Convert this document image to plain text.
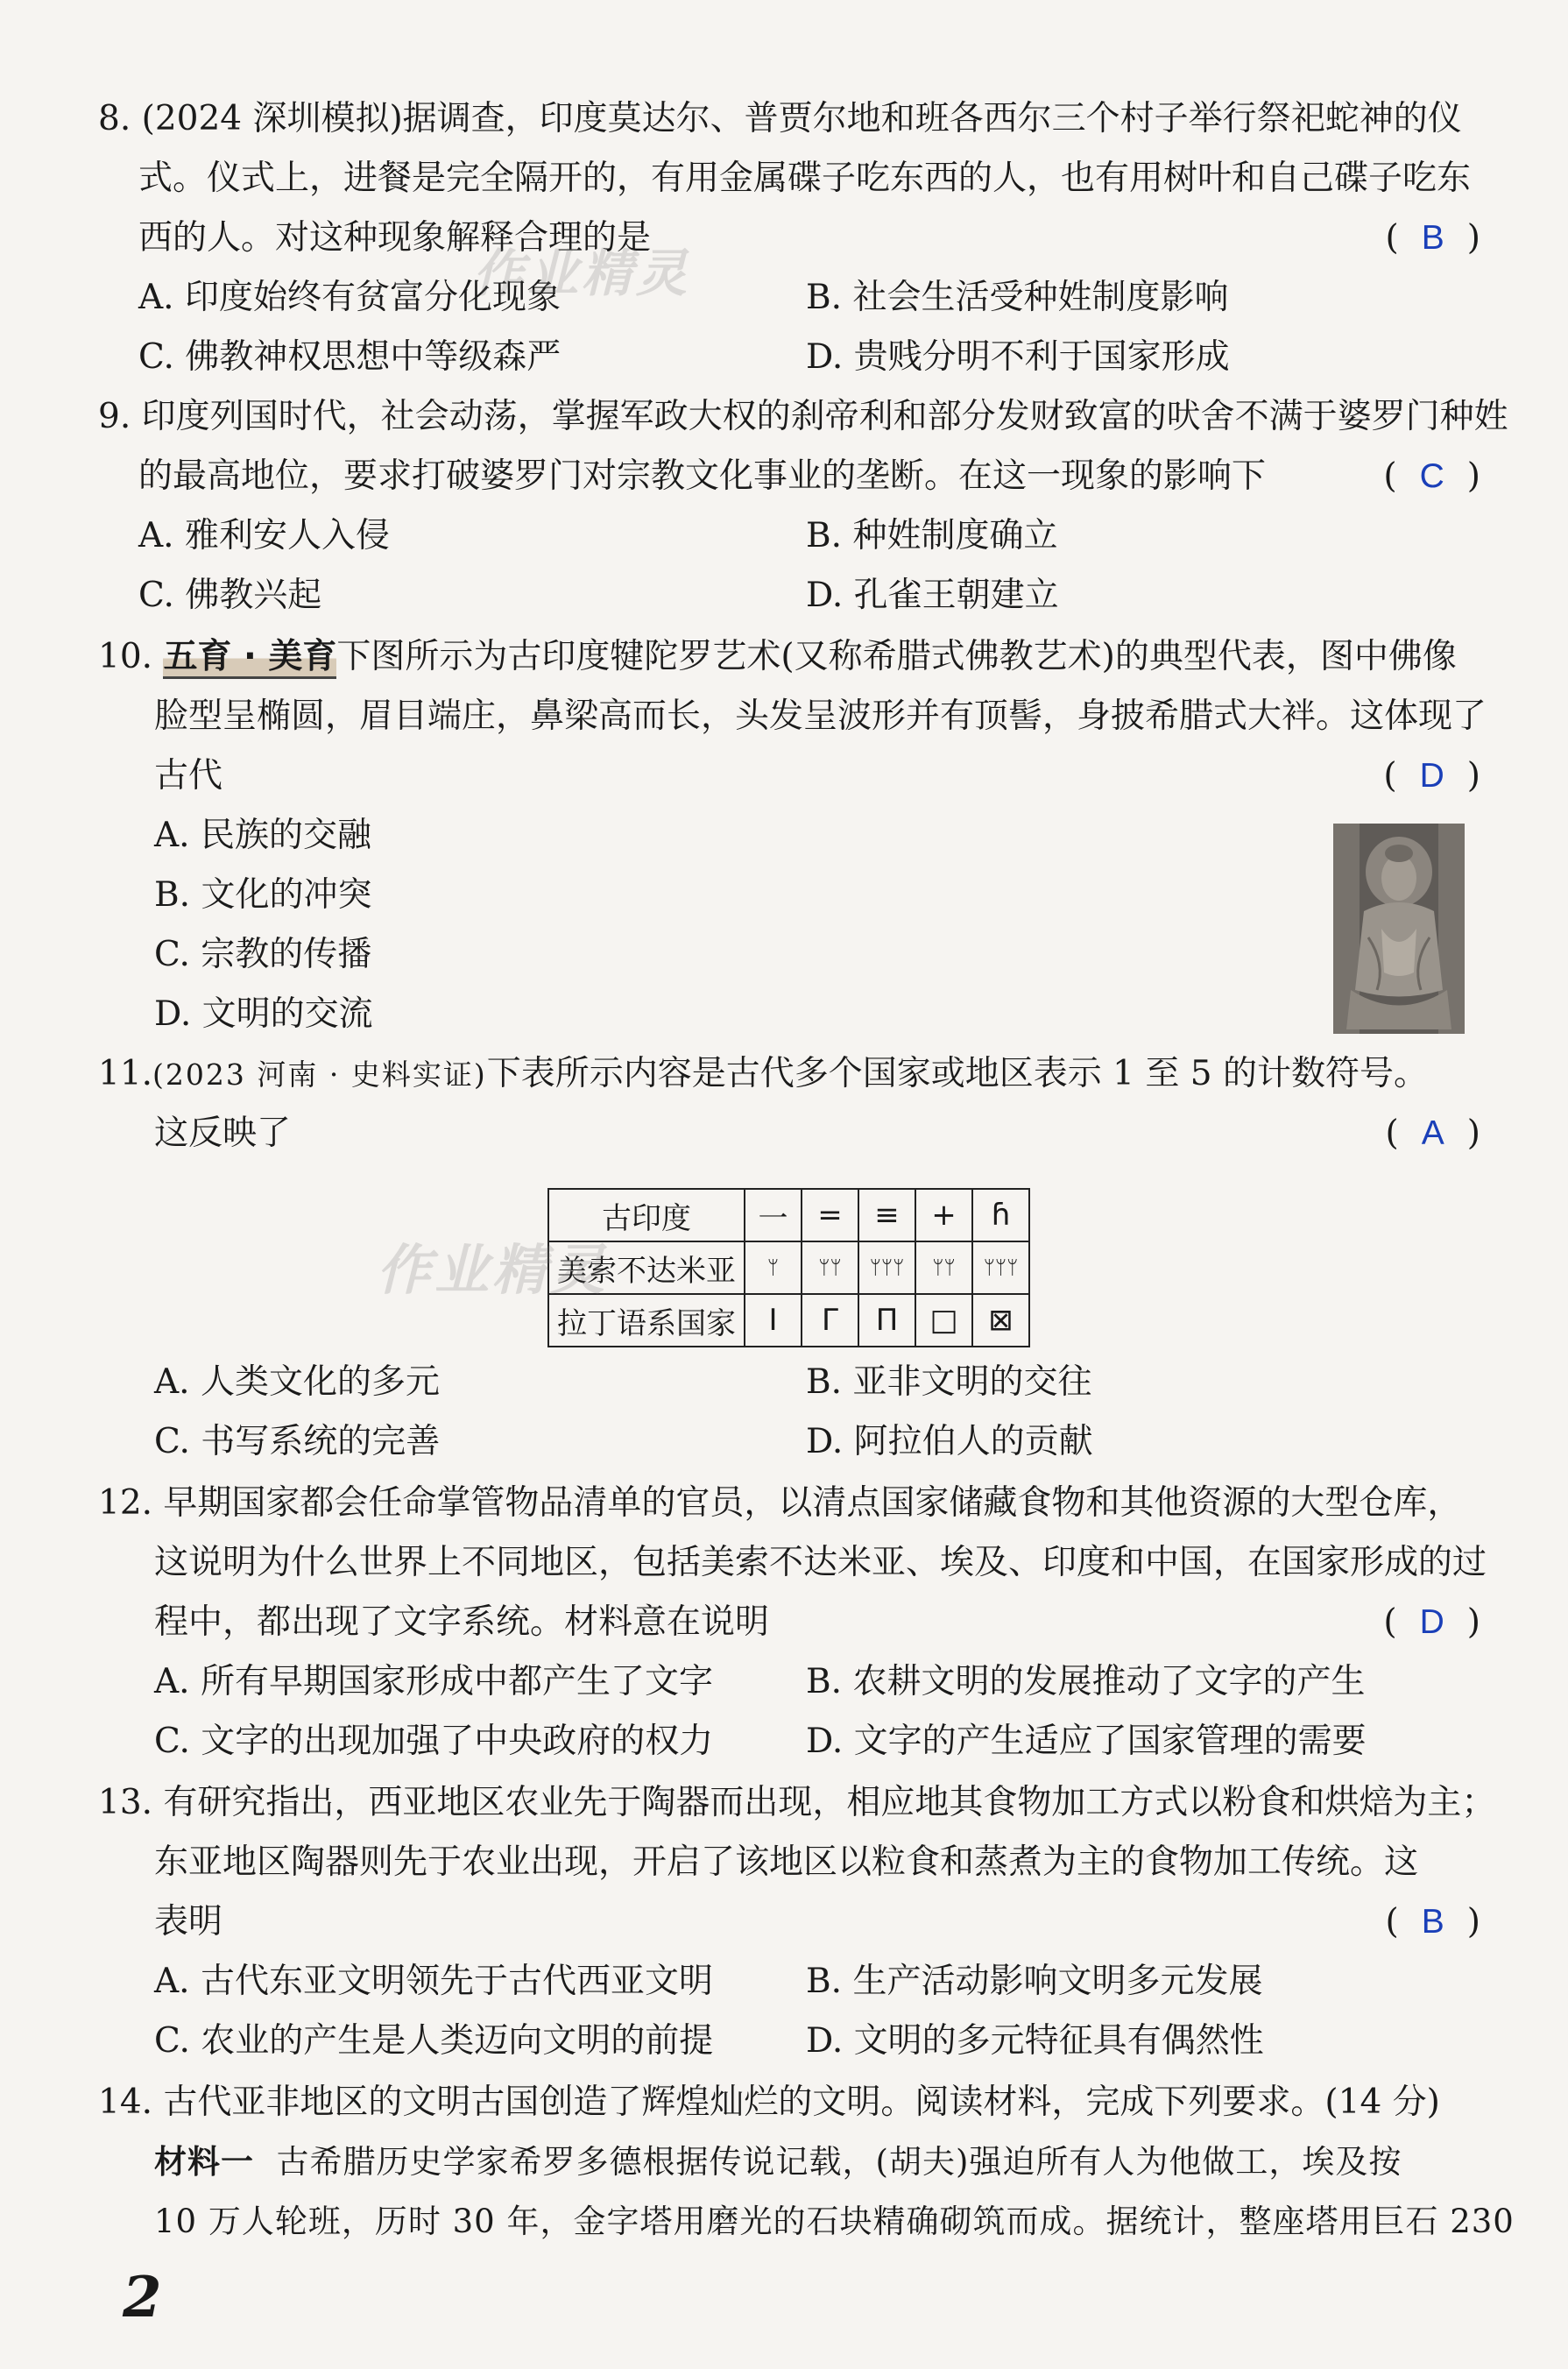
8. (2024 深圳模拟)据调查，印度莫达尔、普贾尔地和班各西尔三个村子举行祭祀蛇神的仪
式。仪式上，进餐是完全隔开的，有用金属碟子吃东西的人，也有用树叶和自己碟子吃东
西的人。对这种现象解释合理的是	( B )
A. 印度始终有贫富分化现象	B. 社会生活受种姓制度影响
C. 佛教神权思想中等级森严	D. 贵贱分明不利于国家形成
作业精灵
9. 印度列国时代，社会动荡，掌握军政大权的刹帝利和部分发财致富的吠舍不满于婆罗门种姓
的最高地位，要求打破婆罗门对宗教文化事业的垄断。在这一现象的影响下	( C )
A. 雅利安人入侵	B. 种姓制度确立
C. 佛教兴起	D. 孔雀王朝建立
10. 五育 · 美育下图所示为古印度犍陀罗艺术(又称希腊式佛教艺术)的典型代表，图中佛像
脸型呈椭圆，眉目端庄，鼻梁高而长，头发呈波形并有顶髻，身披希腊式大袢。这体现了
古代	( D )
A. 民族的交融
B. 文化的冲突
C. 宗教的传播
D. 文明的交流
11.(2023 河南 · 史料实证)下表所示内容是古代多个国家或地区表示 1 至 5 的计数符号。
这反映了	( A )
古印度	一	=	≡	+	ɦ
美索不达米亚	ᛘ	ᛘᛘ	ᛘᛘᛘ	ᛘᛘ	ᛘᛘᛘ
拉丁语系国家	I	Γ	Π	□	⊠
作业精灵
A. 人类文化的多元	B. 亚非文明的交往
C. 书写系统的完善	D. 阿拉伯人的贡献
12. 早期国家都会任命掌管物品清单的官员，以清点国家储藏食物和其他资源的大型仓库，
这说明为什么世界上不同地区，包括美索不达米亚、埃及、印度和中国，在国家形成的过
程中，都出现了文字系统。材料意在说明	( D )
A. 所有早期国家形成中都产生了文字	B. 农耕文明的发展推动了文字的产生
C. 文字的出现加强了中央政府的权力	D. 文字的产生适应了国家管理的需要
13. 有研究指出，西亚地区农业先于陶器而出现，相应地其食物加工方式以粉食和烘焙为主；
东亚地区陶器则先于农业出现，开启了该地区以粒食和蒸煮为主的食物加工传统。这
表明	( B )
A. 古代东亚文明领先于古代西亚文明	B. 生产活动影响文明多元发展
C. 农业的产生是人类迈向文明的前提	D. 文明的多元特征具有偶然性
14. 古代亚非地区的文明古国创造了辉煌灿烂的文明。阅读材料，完成下列要求。(14 分)
材料一 古希腊历史学家希罗多德根据传说记载，(胡夫)强迫所有人为他做工，埃及按
10 万人轮班，历时 30 年，金字塔用磨光的石块精确砌筑而成。据统计，整座塔用巨石 230
2
